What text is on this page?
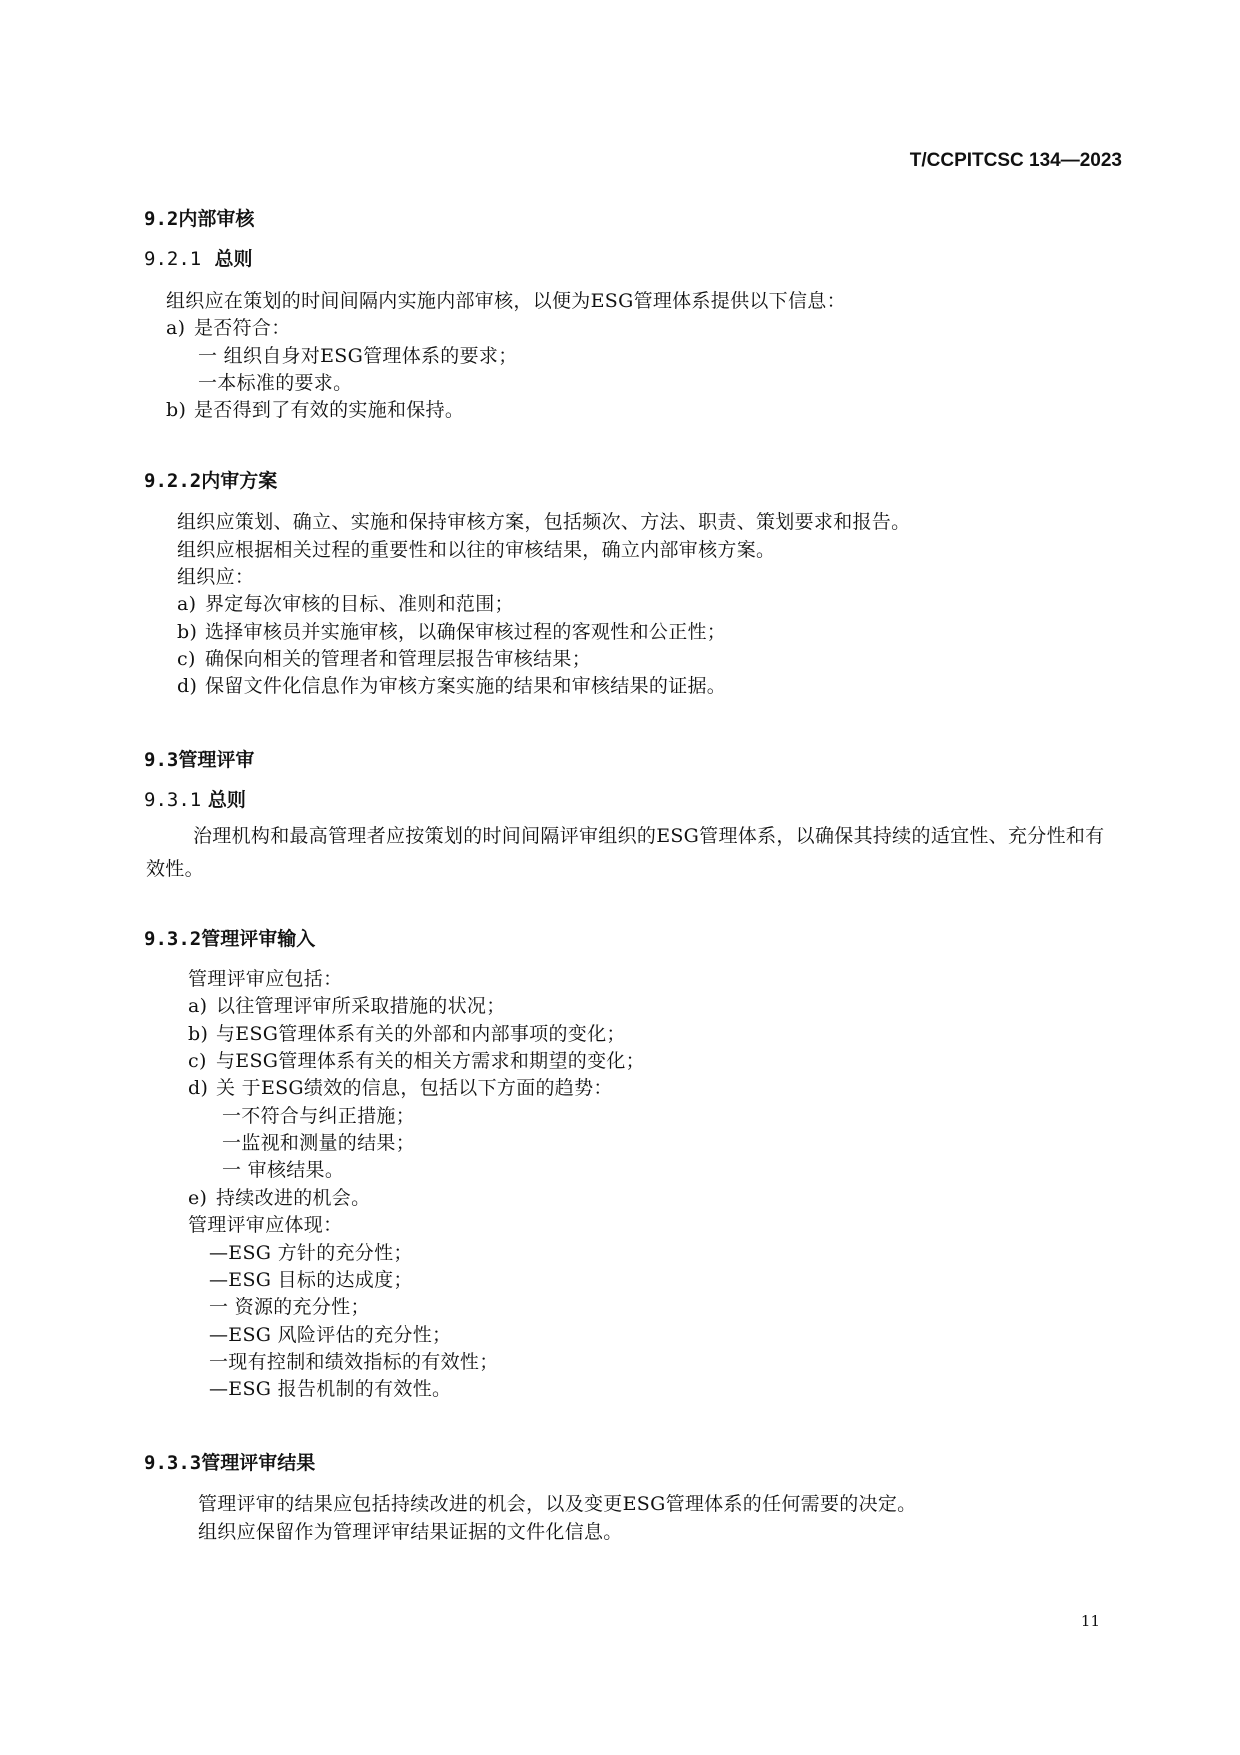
T/CCPITCSC 134—2023
9.2内部审核
9.2.1 总则
组织应在策划的时间间隔内实施内部审核，以便为ESG管理体系提供以下信息：
a) 是否符合：
一 组织自身对ESG管理体系的要求；
一本标准的要求。
b) 是否得到了有效的实施和保持。
9.2.2内审方案
组织应策划、确立、实施和保持审核方案，包括频次、方法、职责、策划要求和报告。
组织应根据相关过程的重要性和以往的审核结果，确立内部审核方案。
组织应：
a) 界定每次审核的目标、准则和范围；
b) 选择审核员并实施审核，以确保审核过程的客观性和公正性；
c) 确保向相关的管理者和管理层报告审核结果；
d) 保留文件化信息作为审核方案实施的结果和审核结果的证据。
9.3管理评审
9.3.1 总则
治理机构和最高管理者应按策划的时间间隔评审组织的ESG管理体系，以确保其持续的适宜性、充分性和有效性。
9.3.2管理评审输入
管理评审应包括：
a) 以往管理评审所采取措施的状况；
b) 与ESG管理体系有关的外部和内部事项的变化；
c) 与ESG管理体系有关的相关方需求和期望的变化；
d) 关 于ESG绩效的信息，包括以下方面的趋势：
一不符合与纠正措施；
一监视和测量的结果；
一 审核结果。
e) 持续改进的机会。
管理评审应体现：
—ESG 方针的充分性；
—ESG 目标的达成度；
一 资源的充分性；
—ESG 风险评估的充分性；
一现有控制和绩效指标的有效性；
—ESG 报告机制的有效性。
9.3.3管理评审结果
管理评审的结果应包括持续改进的机会，以及变更ESG管理体系的任何需要的决定。
组织应保留作为管理评审结果证据的文件化信息。
11
